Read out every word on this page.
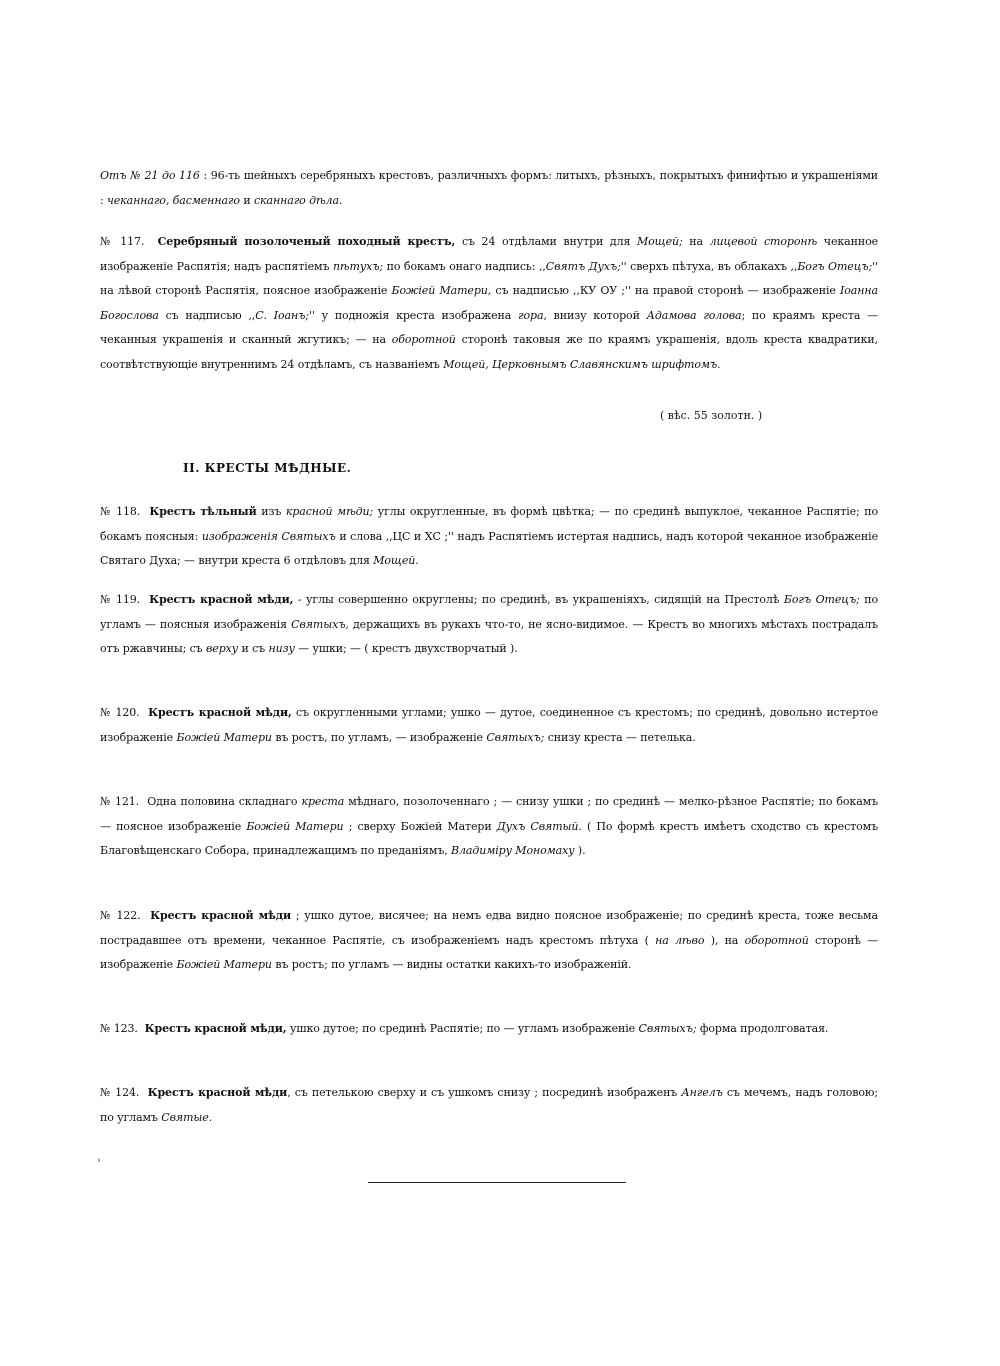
Отъ № 21 до 116 : 96-ть шейныхъ серебряныхъ крестовъ, различныхъ формъ: литыхъ, рѣзныхъ, покрытыхъ финифтью и украшеніями : чеканнаго, басменнаго и сканнаго дѣла.

№ 117. Серебряный позолоченый походный крестъ, съ 24 отдѣлами внутри для Мощей; на лицевой сторонѣ чеканное изображеніе Распятія; надъ распятіемъ пѣтухъ; по бокамъ онаго надпись: ,,Святъ Духъ;'' сверхъ пѣтуха, въ облакахъ ,,Богъ Отецъ;'' на лѣвой сторонѣ Распятія, поясное изображеніе Божіей Матери, съ надписью ,,КУ ОУ ;'' на правой сторонѣ — изображеніе Іоанна Богослова съ надписью ,,С. Іоанъ;'' у подножія креста изображена гора, внизу которой Адамова голова; по краямъ креста — чеканныя украшенія и сканный жгутикъ; — на оборотной сторонѣ таковыя же по краямъ украшенія, вдоль креста квадратики, соотвѣтствующіе внутреннимъ 24 отдѣламъ, съ названіемъ Мощей, Церковнымъ Славянскимъ шрифтомъ.

( вѣс. 55 золотн. )
II. КРЕСТЫ МѢДНЫЕ.

№ 118. Крестъ тѣльный изъ красной мѣди; углы округленные, въ формѣ цвѣтка; — по срединѣ выпуклое, чеканное Распятіе; по бокамъ поясныя: изображенія Святыхъ и слова ,,ЦС и ХС ;'' надъ Распятіемъ истертая надпись, надъ которой чеканное изображеніе Святаго Духа; — внутри креста 6 отдѣловъ для Мощей.

№ 119. Крестъ красной мѣди, - углы совершенно округлены; по срединѣ, въ украшеніяхъ, сидящій на Престолѣ Богъ Отецъ; по угламъ — поясныя изображенія Святыхъ, держащихъ въ рукахъ что-то, не ясно-видимое. — Крестъ во многихъ мѣстахъ пострадалъ отъ ржавчины; съ верху и съ низу — ушки; — ( крестъ двухстворчатый ).

№ 120. Крестъ красной мѣди, съ округленными углами; ушко — дутое, соединенное съ крестомъ; по срединѣ, довольно истертое изображеніе Божіей Матери въ ростъ, по угламъ, — изображеніе Святыхъ; снизу креста — петелька.

№ 121. Одна половина складнаго креста мѣднаго, позолоченнаго ; — снизу ушки ; по срединѣ — мелко-рѣзное Распятіе; по бокамъ — поясное изображеніе Божіей Матери ; сверху Божіей Матери Духъ Святый. ( По формѣ крестъ имѣетъ сходство съ крестомъ Благовѣщенскаго Собора, принадлежащимъ по преданіямъ, Владиміру Мономаху ).

№ 122. Крестъ красной мѣди ; ушко дутое, висячее; на немъ едва видно поясное изображеніе; по срединѣ креста, тоже весьма пострадавшее отъ времени, чеканное Распятіе, съ изображеніемъ надъ крестомъ пѣтуха ( на лѣво ), на оборотной сторонѣ — изображеніе Божіей Матери въ ростъ; по угламъ — видны остатки какихъ-то изображеній.

№ 123. Крестъ красной мѣди, ушко дутое; по срединѣ Распятіе; по — угламъ изображеніе Святыхъ; форма продолговатая.

№ 124. Крестъ красной мѣди, съ петелькою сверху и съ ушкомъ снизу ; посрединѣ изображенъ Ангелъ съ мечемъ, надъ головою; по угламъ Святые.

›
